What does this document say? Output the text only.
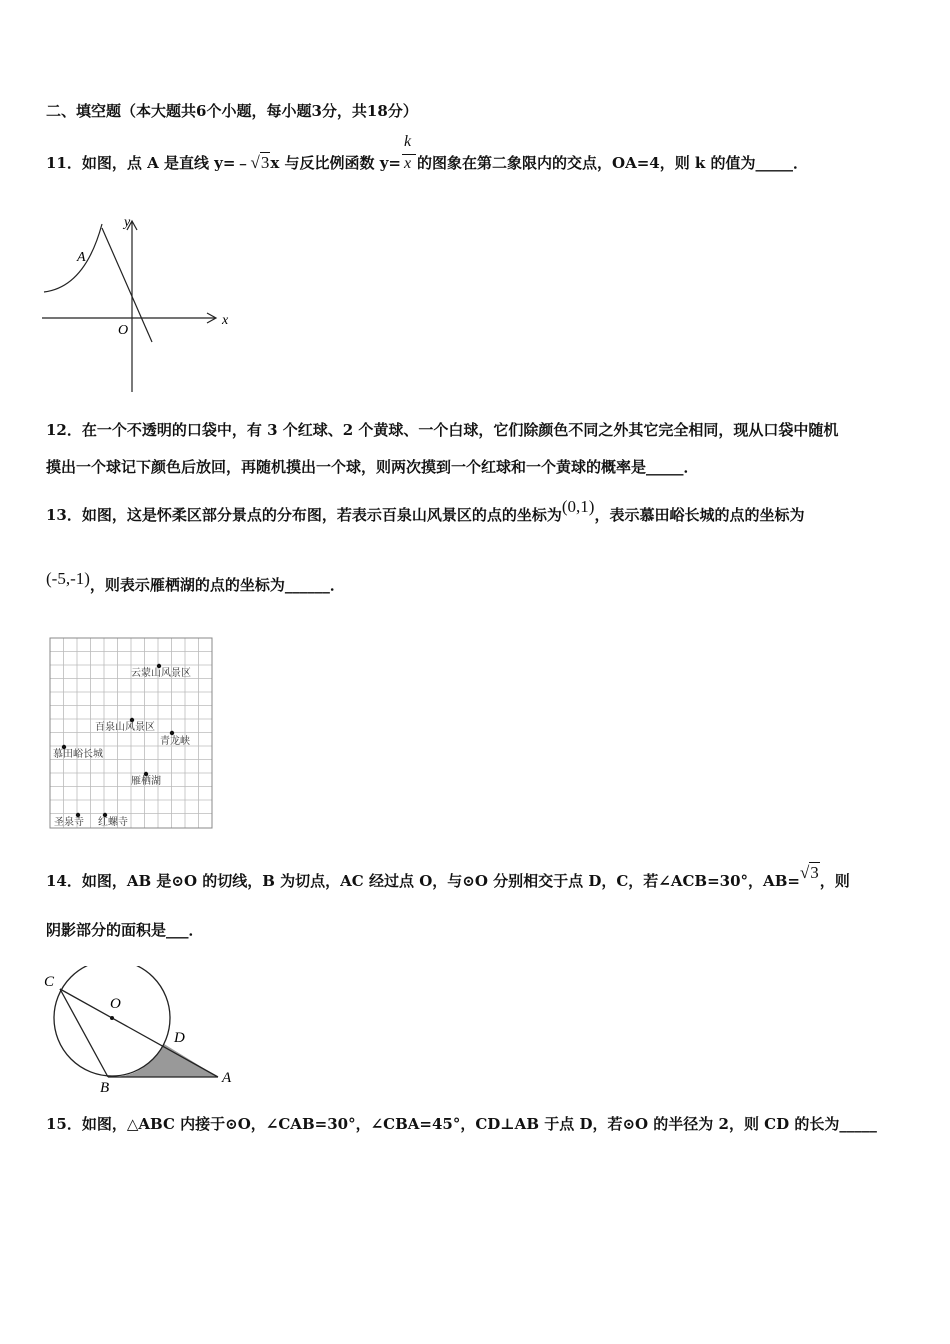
二、填空题（本大题共6个小题，每小题3分，共18分）
11．如图，点 A 是直线 y=﹣√3x 与反比例函数 $y= \frac{k}{x}$ 的图象在第二象限内的交点，OA=4，则 k 的值为_____．
y
x
O
A
12．在一个不透明的口袋中，有 3 个红球、2 个黄球、一个白球，它们除颜色不同之外其它完全相同，现从口袋中随机
摸出一个球记下颜色后放回，再随机摸出一个球，则两次摸到一个红球和一个黄球的概率是_____．
13．如图，这是怀柔区部分景点的分布图，若表示百泉山风景区的点的坐标为(0,1)，表示慕田峪长城的点的坐标为
(-5,-1)，则表示雁栖湖的点的坐标为______．
云蒙山风景区
百泉山风景区
青龙峡
慕田峪长城
雁栖湖
圣泉寺 红螺寺
14．如图，AB 是⊙O 的切线，B 为切点，AC 经过点 O，与⊙O 分别相交于点 D，C，若∠ACB=30°，AB=√3，则
阴影部分的面积是___．
C
O
D
B
A
15．如图，△ABC 内接于⊙O，∠CAB=30°，∠CBA=45°，CD⊥AB 于点 D，若⊙O 的半径为 2，则 CD 的长为_____
